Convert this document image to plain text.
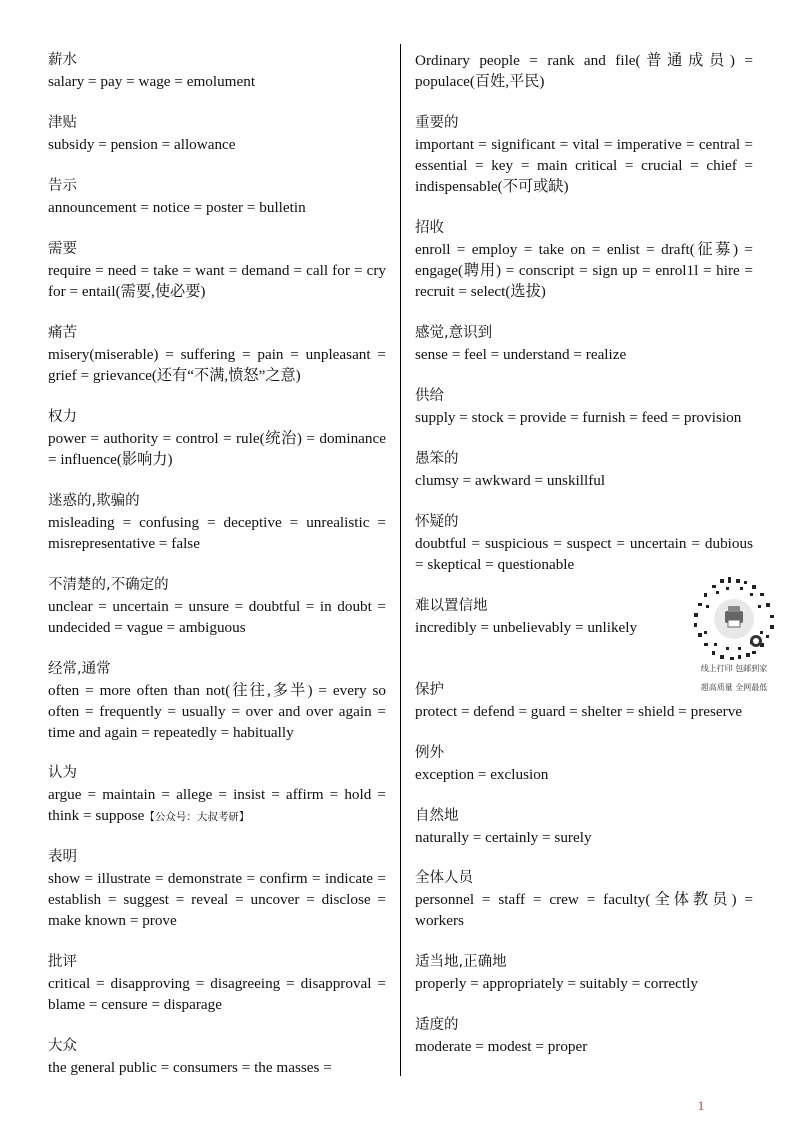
薪水
salary = pay = wage = emolument
津贴
subsidy = pension = allowance
告示
announcement = notice = poster = bulletin
需要
require = need = take = want = demand = call for = cry for = entail(需要,使必要)
痛苦
misery(miserable) = suffering = pain = unpleasant = grief = grievance(还有“不满,愤怒”之意)
权力
power = authority = control = rule(统治) = dominance = influence(影响力)
迷惑的,欺骗的
misleading = confusing = deceptive = unrealistic = misrepresentative = false
不清楚的,不确定的
unclear = uncertain = unsure = doubtful = in doubt = undecided = vague = ambiguous
经常,通常
often = more often than not(往往,多半) = every so often = frequently = usually = over and over again = time and again = repeatedly = habitually
认为
argue = maintain = allege = insist = affirm = hold = think = suppose【公众号：大叔考研】
表明
show = illustrate = demonstrate = confirm = indicate = establish = suggest = reveal = uncover = disclose = make known = prove
批评
critical = disapproving = disagreeing = disapproval = blame = censure = disparage
大众
the general public = consumers = the masses =
Ordinary people = rank and file(普通成员) = populace(百姓,平民)
重要的
important = significant = vital = imperative = central = essential = key = main critical = crucial = chief = indispensable(不可或缺)
招收
enroll = employ = take on = enlist = draft(征募) = engage(聘用) = conscript = sign up = enrol1l = hire = recruit = select(选拔)
感觉,意识到
sense = feel = understand = realize
供给
supply = stock = provide = furnish = feed = provision
愚笨的
clumsy = awkward = unskillful
怀疑的
doubtful = suspicious = suspect = uncertain = dubious = skeptical = questionable
难以置信地
incredibly = unbelievably = unlikely
保护
protect = defend = guard = shelter = shield = preserve
例外
exception = exclusion
自然地
naturally = certainly = surely
全体人员
personnel = staff = crew = faculty(全体教员) = workers
适当地,正确地
properly = appropriately = suitably = correctly
适度的
moderate = modest = proper
线上打印 包邮到家
超高质量 全网最低
1
